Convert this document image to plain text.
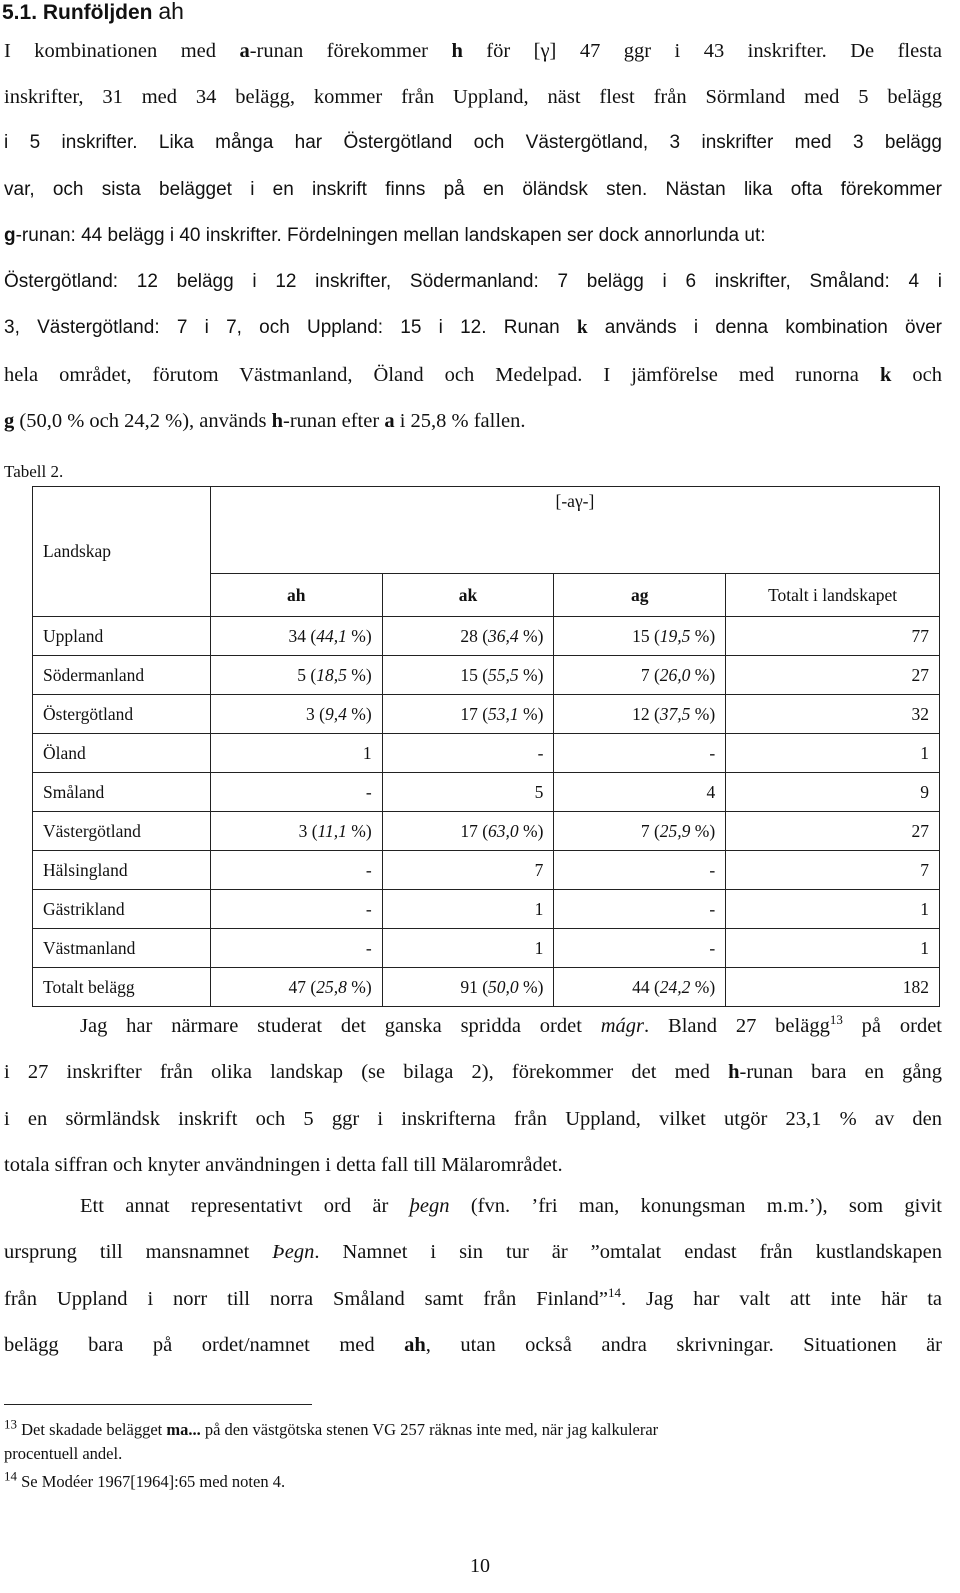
5.1. Runföljden ah
I kombinationen med a-runan förekommer h för [γ] 47 ggr i 43 inskrifter. De flesta
inskrifter, 31 med 34 belägg, kommer från Uppland, näst flest från Sörmland med 5 belägg
i 5 inskrifter. Lika många har Östergötland och Västergötland, 3 inskrifter med 3 belägg
var, och sista belägget i en inskrift finns på en öländsk sten. Nästan lika ofta förekommer
g-runan: 44 belägg i 40 inskrifter. Fördelningen mellan landskapen ser dock annorlunda ut:
Östergötland: 12 belägg i 12 inskrifter, Södermanland: 7 belägg i 6 inskrifter, Småland: 4 i
3, Västergötland: 7 i 7, och Uppland: 15 i 12. Runan k används i denna kombination över
hela området, förutom Västmanland, Öland och Medelpad. I jämförelse med runorna k och
g (50,0 % och 24,2 %), används h-runan efter a i 25,8 % fallen.
Tabell 2.
Landskap	[-aγ-]			
	ah	ak	ag	Totalt i landskapet
Uppland	34 (44,1 %)	28 (36,4 %)	15 (19,5 %)	77
Södermanland	5 (18,5 %)	15 (55,5 %)	7 (26,0 %)	27
Östergötland	3 (9,4 %)	17 (53,1 %)	12 (37,5 %)	32
Öland	1	-	-	1
Småland	-	5	4	9
Västergötland	3 (11,1 %)	17 (63,0 %)	7 (25,9 %)	27
Hälsingland	-	7	-	7
Gästrikland	-	1	-	1
Västmanland	-	1	-	1
Totalt belägg	47 (25,8 %)	91 (50,0 %)	44 (24,2 %)	182
Jag har närmare studerat det ganska spridda ordet mágr. Bland 27 belägg$^{13}$ på ordet
i 27 inskrifter från olika landskap (se bilaga 2), förekommer det med h-runan bara en gång
i en sörmländsk inskrift och 5 ggr i inskrifterna från Uppland, vilket utgör 23,1 % av den
totala siffran och knyter användningen i detta fall till Mälarområdet.
Ett annat representativt ord är þegn (fvn. ’fri man, konungsman m.m.’), som givit
ursprung till mansnamnet Þegn. Namnet i sin tur är ”omtalat endast från kustlandskapen
från Uppland i norr till norra Småland samt från Finland”$^{14}$. Jag har valt att inte här ta
belägg bara på ordet/namnet med ah, utan också andra skrivningar. Situationen är
$^{13}$ Det skadade belägget ma... på den västgötska stenen VG 257 räknas inte med, när jag kalkulerar
procentuell andel.
$^{14}$ Se Modéer 1967[1964]:65 med noten 4.
10
